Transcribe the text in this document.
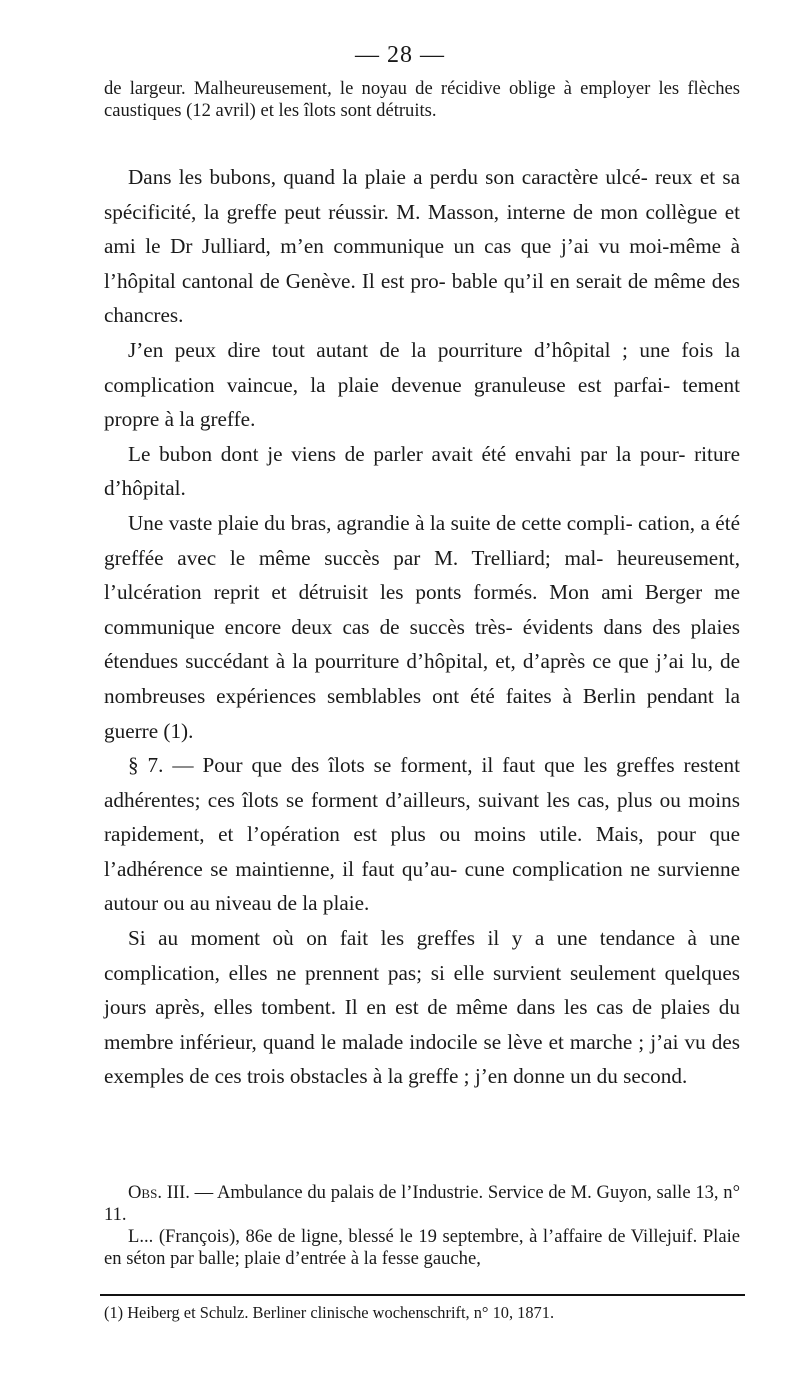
— 28 —

de largeur. Malheureusement, le noyau de récidive oblige à employer les flèches caustiques (12 avril) et les îlots sont détruits.

Dans les bubons, quand la plaie a perdu son caractère ulcé- reux et sa spécificité, la greffe peut réussir. M. Masson, interne de mon collègue et ami le Dr Julliard, m’en communique un cas que j’ai vu moi-même à l’hôpital cantonal de Genève. Il est pro- bable qu’il en serait de même des chancres.

J’en peux dire tout autant de la pourriture d’hôpital ; une fois la complication vaincue, la plaie devenue granuleuse est parfai- tement propre à la greffe.

Le bubon dont je viens de parler avait été envahi par la pour- riture d’hôpital.

Une vaste plaie du bras, agrandie à la suite de cette compli- cation, a été greffée avec le même succès par M. Trelliard; mal- heureusement, l’ulcération reprit et détruisit les ponts formés. Mon ami Berger me communique encore deux cas de succès très- évidents dans des plaies étendues succédant à la pourriture d’hôpital, et, d’après ce que j’ai lu, de nombreuses expériences semblables ont été faites à Berlin pendant la guerre (1).

§ 7. — Pour que des îlots se forment, il faut que les greffes restent adhérentes; ces îlots se forment d’ailleurs, suivant les cas, plus ou moins rapidement, et l’opération est plus ou moins utile. Mais, pour que l’adhérence se maintienne, il faut qu’au- cune complication ne survienne autour ou au niveau de la plaie.

Si au moment où on fait les greffes il y a une tendance à une complication, elles ne prennent pas; si elle survient seulement quelques jours après, elles tombent. Il en est de même dans les cas de plaies du membre inférieur, quand le malade indocile se lève et marche ; j’ai vu des exemples de ces trois obstacles à la greffe ; j’en donne un du second.

Obs. III. — Ambulance du palais de l’Industrie. Service de M. Guyon, salle 13, n° 11.

L... (François), 86e de ligne, blessé le 19 septembre, à l’affaire de Villejuif. Plaie en séton par balle; plaie d’entrée à la fesse gauche,

(1) Heiberg et Schulz. Berliner clinische wochenschrift, n° 10, 1871.
